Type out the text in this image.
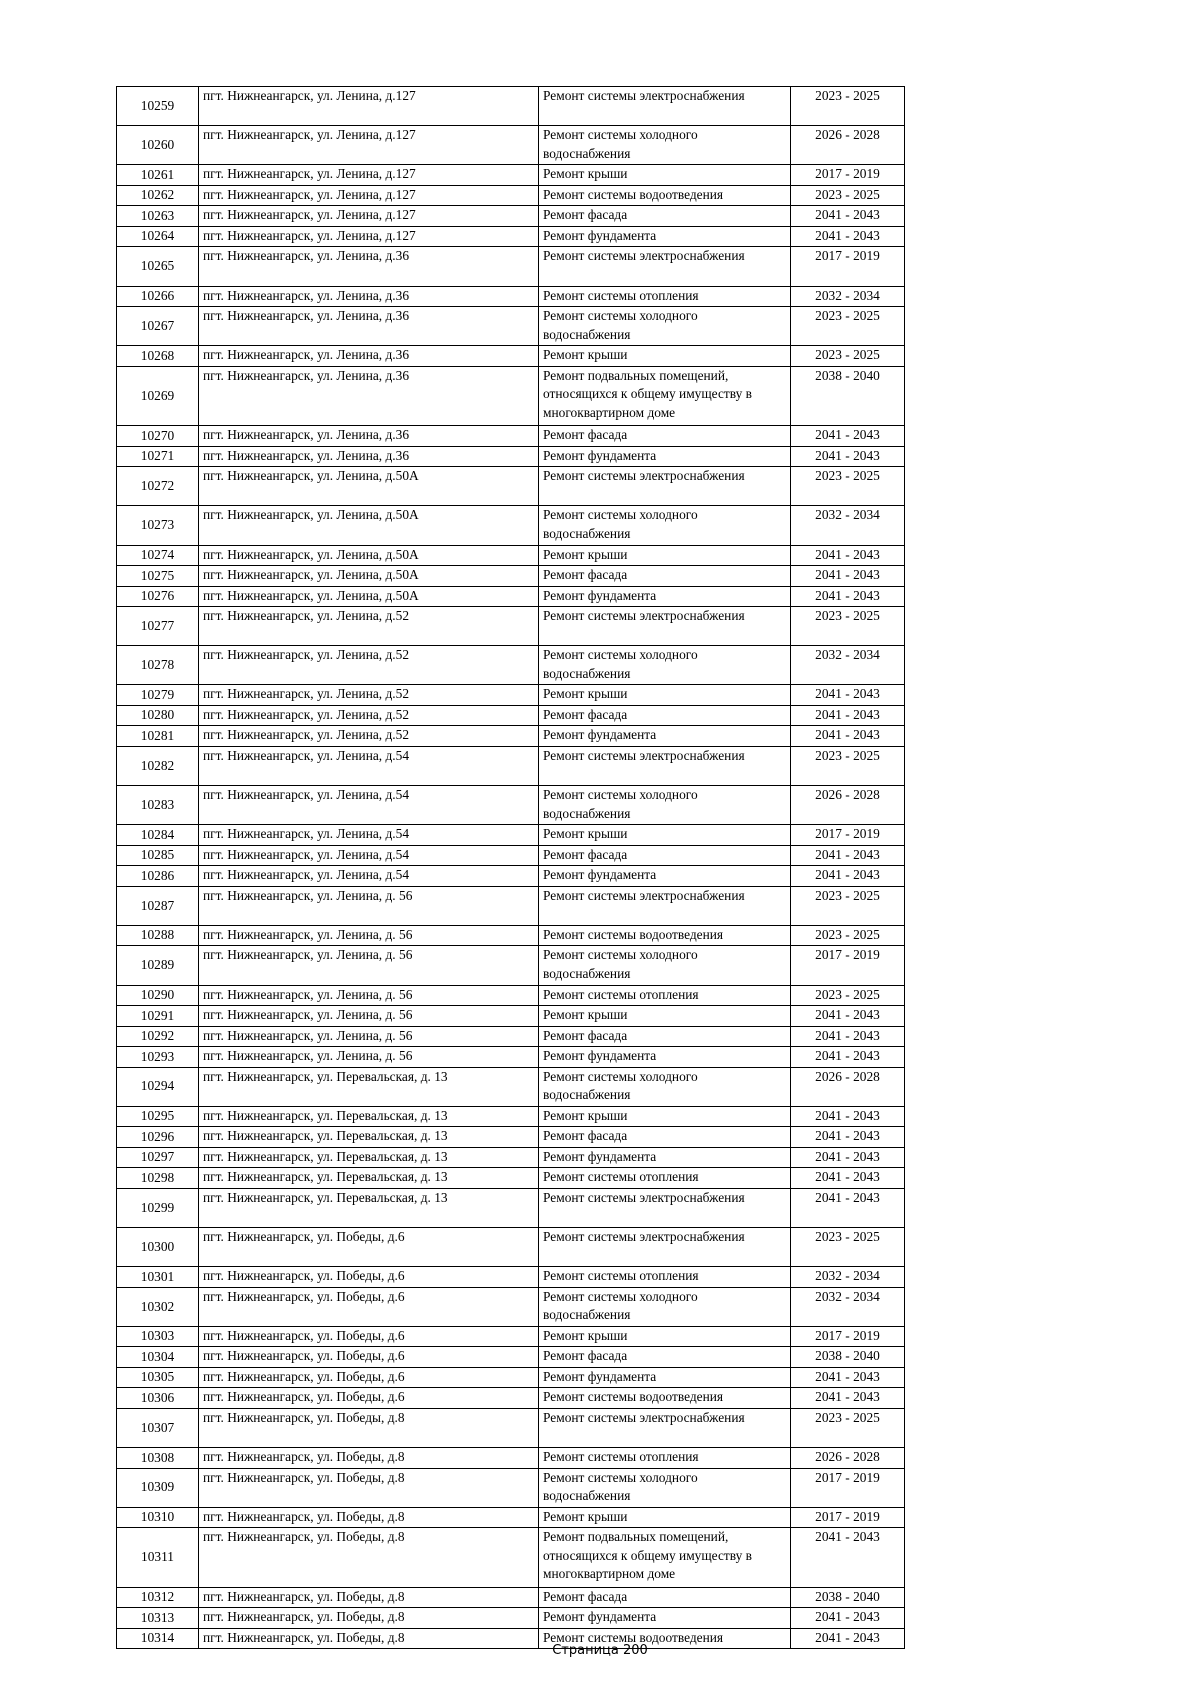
10259	пгт. Нижнеангарск, ул. Ленина, д.127	Ремонт системы электроснабжения	2023 - 2025
10260	пгт. Нижнеангарск, ул. Ленина, д.127	Ремонт системы холодного водоснабжения	2026 - 2028
10261	пгт. Нижнеангарск, ул. Ленина, д.127	Ремонт крыши	2017 - 2019
10262	пгт. Нижнеангарск, ул. Ленина, д.127	Ремонт системы водоотведения	2023 - 2025
10263	пгт. Нижнеангарск, ул. Ленина, д.127	Ремонт фасада	2041 - 2043
10264	пгт. Нижнеангарск, ул. Ленина, д.127	Ремонт фундамента	2041 - 2043
10265	пгт. Нижнеангарск, ул. Ленина, д.36	Ремонт системы электроснабжения	2017 - 2019
10266	пгт. Нижнеангарск, ул. Ленина, д.36	Ремонт системы отопления	2032 - 2034
10267	пгт. Нижнеангарск, ул. Ленина, д.36	Ремонт системы холодного водоснабжения	2023 - 2025
10268	пгт. Нижнеангарск, ул. Ленина, д.36	Ремонт крыши	2023 - 2025
10269	пгт. Нижнеангарск, ул. Ленина, д.36	Ремонт подвальных помещений, относящихся к общему имуществу в многоквартирном доме	2038 - 2040
10270	пгт. Нижнеангарск, ул. Ленина, д.36	Ремонт фасада	2041 - 2043
10271	пгт. Нижнеангарск, ул. Ленина, д.36	Ремонт фундамента	2041 - 2043
10272	пгт. Нижнеангарск, ул. Ленина, д.50А	Ремонт системы электроснабжения	2023 - 2025
10273	пгт. Нижнеангарск, ул. Ленина, д.50А	Ремонт системы холодного водоснабжения	2032 - 2034
10274	пгт. Нижнеангарск, ул. Ленина, д.50А	Ремонт крыши	2041 - 2043
10275	пгт. Нижнеангарск, ул. Ленина, д.50А	Ремонт фасада	2041 - 2043
10276	пгт. Нижнеангарск, ул. Ленина, д.50А	Ремонт фундамента	2041 - 2043
10277	пгт. Нижнеангарск, ул. Ленина, д.52	Ремонт системы электроснабжения	2023 - 2025
10278	пгт. Нижнеангарск, ул. Ленина, д.52	Ремонт системы холодного водоснабжения	2032 - 2034
10279	пгт. Нижнеангарск, ул. Ленина, д.52	Ремонт крыши	2041 - 2043
10280	пгт. Нижнеангарск, ул. Ленина, д.52	Ремонт фасада	2041 - 2043
10281	пгт. Нижнеангарск, ул. Ленина, д.52	Ремонт фундамента	2041 - 2043
10282	пгт. Нижнеангарск, ул. Ленина, д.54	Ремонт системы электроснабжения	2023 - 2025
10283	пгт. Нижнеангарск, ул. Ленина, д.54	Ремонт системы холодного водоснабжения	2026 - 2028
10284	пгт. Нижнеангарск, ул. Ленина, д.54	Ремонт крыши	2017 - 2019
10285	пгт. Нижнеангарск, ул. Ленина, д.54	Ремонт фасада	2041 - 2043
10286	пгт. Нижнеангарск, ул. Ленина, д.54	Ремонт фундамента	2041 - 2043
10287	пгт. Нижнеангарск, ул. Ленина, д. 56	Ремонт системы электроснабжения	2023 - 2025
10288	пгт. Нижнеангарск, ул. Ленина, д. 56	Ремонт системы водоотведения	2023 - 2025
10289	пгт. Нижнеангарск, ул. Ленина, д. 56	Ремонт системы холодного водоснабжения	2017 - 2019
10290	пгт. Нижнеангарск, ул. Ленина, д. 56	Ремонт системы отопления	2023 - 2025
10291	пгт. Нижнеангарск, ул. Ленина, д. 56	Ремонт крыши	2041 - 2043
10292	пгт. Нижнеангарск, ул. Ленина, д. 56	Ремонт фасада	2041 - 2043
10293	пгт. Нижнеангарск, ул. Ленина, д. 56	Ремонт фундамента	2041 - 2043
10294	пгт. Нижнеангарск, ул. Перевальская, д. 13	Ремонт системы холодного водоснабжения	2026 - 2028
10295	пгт. Нижнеангарск, ул. Перевальская, д. 13	Ремонт крыши	2041 - 2043
10296	пгт. Нижнеангарск, ул. Перевальская, д. 13	Ремонт фасада	2041 - 2043
10297	пгт. Нижнеангарск, ул. Перевальская, д. 13	Ремонт фундамента	2041 - 2043
10298	пгт. Нижнеангарск, ул. Перевальская, д. 13	Ремонт системы отопления	2041 - 2043
10299	пгт. Нижнеангарск, ул. Перевальская, д. 13	Ремонт системы электроснабжения	2041 - 2043
10300	пгт. Нижнеангарск, ул. Победы, д.6	Ремонт системы электроснабжения	2023 - 2025
10301	пгт. Нижнеангарск, ул. Победы, д.6	Ремонт системы отопления	2032 - 2034
10302	пгт. Нижнеангарск, ул. Победы, д.6	Ремонт системы холодного водоснабжения	2032 - 2034
10303	пгт. Нижнеангарск, ул. Победы, д.6	Ремонт крыши	2017 - 2019
10304	пгт. Нижнеангарск, ул. Победы, д.6	Ремонт фасада	2038 - 2040
10305	пгт. Нижнеангарск, ул. Победы, д.6	Ремонт фундамента	2041 - 2043
10306	пгт. Нижнеангарск, ул. Победы, д.6	Ремонт системы водоотведения	2041 - 2043
10307	пгт. Нижнеангарск, ул. Победы, д.8	Ремонт системы электроснабжения	2023 - 2025
10308	пгт. Нижнеангарск, ул. Победы, д.8	Ремонт системы отопления	2026 - 2028
10309	пгт. Нижнеангарск, ул. Победы, д.8	Ремонт системы холодного водоснабжения	2017 - 2019
10310	пгт. Нижнеангарск, ул. Победы, д.8	Ремонт крыши	2017 - 2019
10311	пгт. Нижнеангарск, ул. Победы, д.8	Ремонт подвальных помещений, относящихся к общему имуществу в многоквартирном доме	2041 - 2043
10312	пгт. Нижнеангарск, ул. Победы, д.8	Ремонт фасада	2038 - 2040
10313	пгт. Нижнеангарск, ул. Победы, д.8	Ремонт фундамента	2041 - 2043
10314	пгт. Нижнеангарск, ул. Победы, д.8	Ремонт системы водоотведения	2041 - 2043
Страница 200
